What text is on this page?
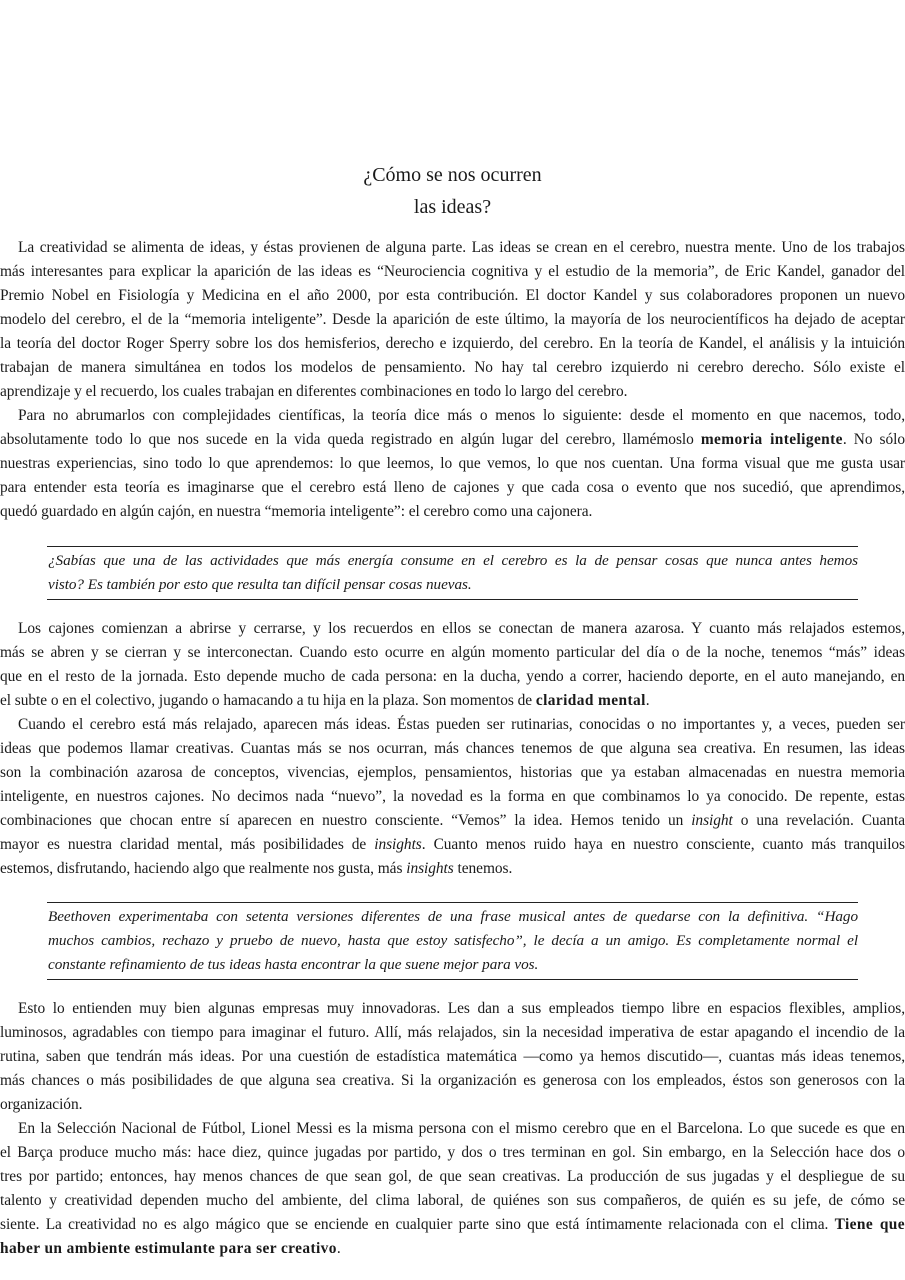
¿Cómo se nos ocurren
las ideas?
La creatividad se alimenta de ideas, y éstas provienen de alguna parte. Las ideas se crean en el cerebro, nuestra mente. Uno de los trabajos
más interesantes para explicar la aparición de las ideas es “Neurociencia cognitiva y el estudio de la memoria”, de Eric Kandel, ganador del
Premio Nobel en Fisiología y Medicina en el año 2000, por esta contribución. El doctor Kandel y sus colaboradores proponen un nuevo
modelo del cerebro, el de la “memoria inteligente”. Desde la aparición de este último, la mayoría de los neurocientíficos ha dejado de aceptar
la teoría del doctor Roger Sperry sobre los dos hemisferios, derecho e izquierdo, del cerebro. En la teoría de Kandel, el análisis y la intuición
trabajan de manera simultánea en todos los modelos de pensamiento. No hay tal cerebro izquierdo ni cerebro derecho. Sólo existe el
aprendizaje y el recuerdo, los cuales trabajan en diferentes combinaciones en todo lo largo del cerebro.
Para no abrumarlos con complejidades científicas, la teoría dice más o menos lo siguiente: desde el momento en que nacemos, todo,
absolutamente todo lo que nos sucede en la vida queda registrado en algún lugar del cerebro, llamémoslo memoria inteligente. No sólo
nuestras experiencias, sino todo lo que aprendemos: lo que leemos, lo que vemos, lo que nos cuentan. Una forma visual que me gusta usar
para entender esta teoría es imaginarse que el cerebro está lleno de cajones y que cada cosa o evento que nos sucedió, que aprendimos,
quedó guardado en algún cajón, en nuestra “memoria inteligente”: el cerebro como una cajonera.
¿Sabías que una de las actividades que más energía consume en el cerebro es la de pensar cosas que nunca antes hemos
visto? Es también por esto que resulta tan difícil pensar cosas nuevas.
Los cajones comienzan a abrirse y cerrarse, y los recuerdos en ellos se conectan de manera azarosa. Y cuanto más relajados estemos,
más se abren y se cierran y se interconectan. Cuando esto ocurre en algún momento particular del día o de la noche, tenemos “más” ideas
que en el resto de la jornada. Esto depende mucho de cada persona: en la ducha, yendo a correr, haciendo deporte, en el auto manejando, en
el subte o en el colectivo, jugando o hamacando a tu hija en la plaza. Son momentos de claridad mental.
Cuando el cerebro está más relajado, aparecen más ideas. Éstas pueden ser rutinarias, conocidas o no importantes y, a veces, pueden ser
ideas que podemos llamar creativas. Cuantas más se nos ocurran, más chances tenemos de que alguna sea creativa. En resumen, las ideas
son la combinación azarosa de conceptos, vivencias, ejemplos, pensamientos, historias que ya estaban almacenadas en nuestra memoria
inteligente, en nuestros cajones. No decimos nada “nuevo”, la novedad es la forma en que combinamos lo ya conocido. De repente, estas
combinaciones que chocan entre sí aparecen en nuestro consciente. “Vemos” la idea. Hemos tenido un insight o una revelación. Cuanta
mayor es nuestra claridad mental, más posibilidades de insights. Cuanto menos ruido haya en nuestro consciente, cuanto más tranquilos
estemos, disfrutando, haciendo algo que realmente nos gusta, más insights tenemos.
Beethoven experimentaba con setenta versiones diferentes de una frase musical antes de quedarse con la definitiva. “Hago
muchos cambios, rechazo y pruebo de nuevo, hasta que estoy satisfecho”, le decía a un amigo. Es completamente normal el
constante refinamiento de tus ideas hasta encontrar la que suene mejor para vos.
Esto lo entienden muy bien algunas empresas muy innovadoras. Les dan a sus empleados tiempo libre en espacios flexibles, amplios,
luminosos, agradables con tiempo para imaginar el futuro. Allí, más relajados, sin la necesidad imperativa de estar apagando el incendio de la
rutina, saben que tendrán más ideas. Por una cuestión de estadística matemática —como ya hemos discutido—, cuantas más ideas tenemos,
más chances o más posibilidades de que alguna sea creativa. Si la organización es generosa con los empleados, éstos son generosos con la
organización.
En la Selección Nacional de Fútbol, Lionel Messi es la misma persona con el mismo cerebro que en el Barcelona. Lo que sucede es que en
el Barça produce mucho más: hace diez, quince jugadas por partido, y dos o tres terminan en gol. Sin embargo, en la Selección hace dos o
tres por partido; entonces, hay menos chances de que sean gol, de que sean creativas. La producción de sus jugadas y el despliegue de su
talento y creatividad dependen mucho del ambiente, del clima laboral, de quiénes son sus compañeros, de quién es su jefe, de cómo se
siente. La creatividad no es algo mágico que se enciende en cualquier parte sino que está íntimamente relacionada con el clima. Tiene que
haber un ambiente estimulante para ser creativo.
